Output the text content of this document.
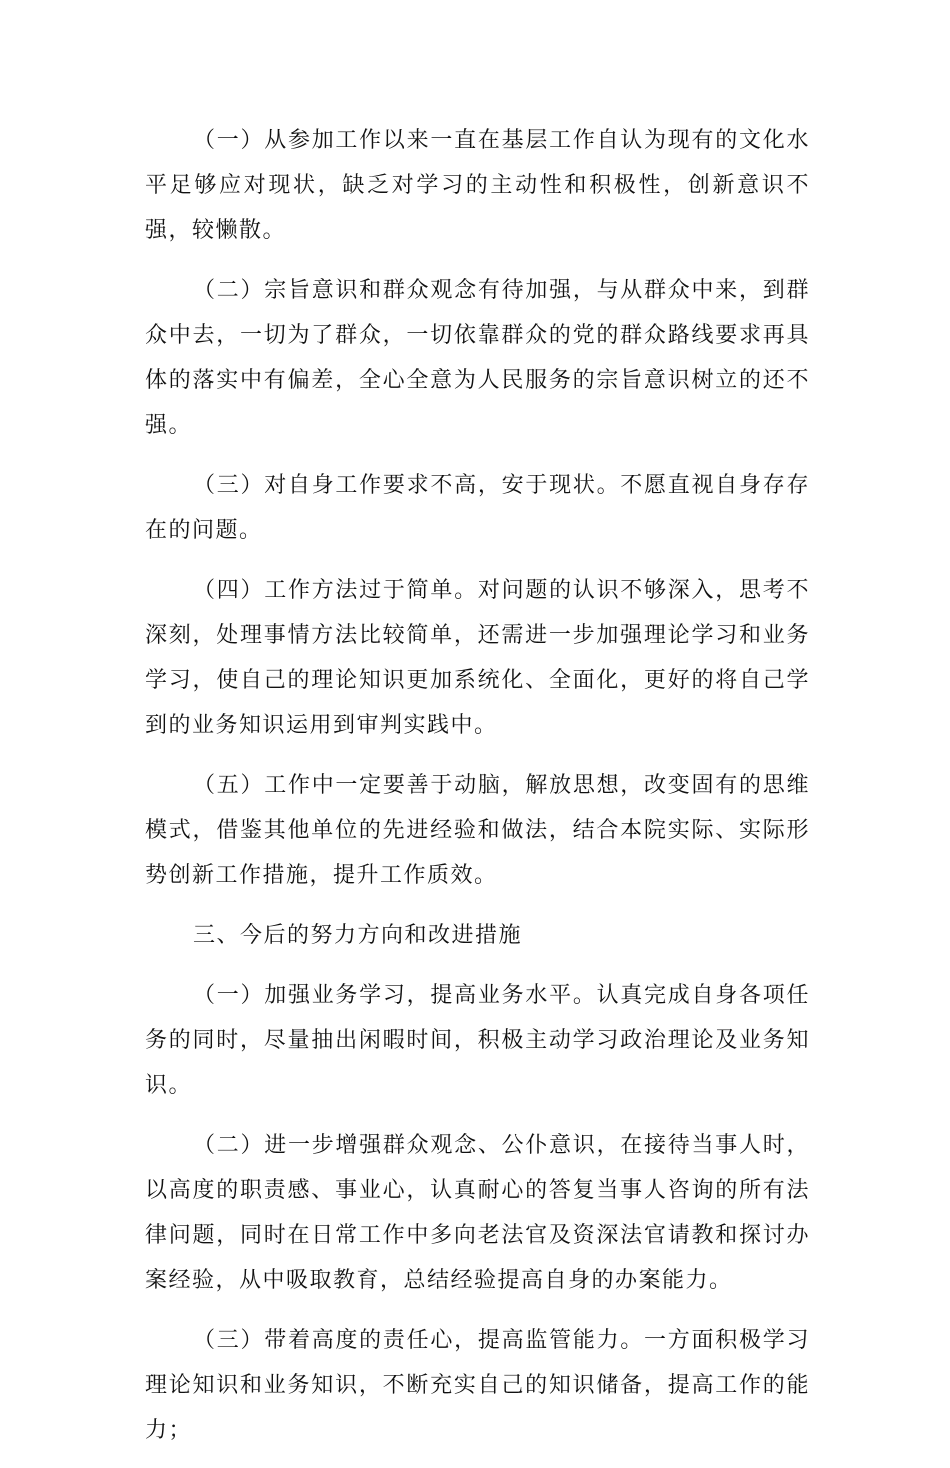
（一）从参加工作以来一直在基层工作自认为现有的文化水平足够应对现状，缺乏对学习的主动性和积极性，创新意识不强，较懒散。

（二）宗旨意识和群众观念有待加强，与从群众中来，到群众中去，一切为了群众，一切依靠群众的党的群众路线要求再具体的落实中有偏差，全心全意为人民服务的宗旨意识树立的还不强。

（三）对自身工作要求不高，安于现状。不愿直视自身存存在的问题。

（四）工作方法过于简单。对问题的认识不够深入，思考不深刻，处理事情方法比较简单，还需进一步加强理论学习和业务学习，使自己的理论知识更加系统化、全面化，更好的将自己学到的业务知识运用到审判实践中。

（五）工作中一定要善于动脑，解放思想，改变固有的思维模式，借鉴其他单位的先进经验和做法，结合本院实际、实际形势创新工作措施，提升工作质效。

三、今后的努力方向和改进措施

（一）加强业务学习，提高业务水平。认真完成自身各项任务的同时，尽量抽出闲暇时间，积极主动学习政治理论及业务知识。

（二）进一步增强群众观念、公仆意识，在接待当事人时，以高度的职责感、事业心，认真耐心的答复当事人咨询的所有法律问题，同时在日常工作中多向老法官及资深法官请教和探讨办案经验，从中吸取教育，总结经验提高自身的办案能力。

（三）带着高度的责任心，提高监管能力。一方面积极学习理论知识和业务知识，不断充实自己的知识储备，提高工作的能力；
